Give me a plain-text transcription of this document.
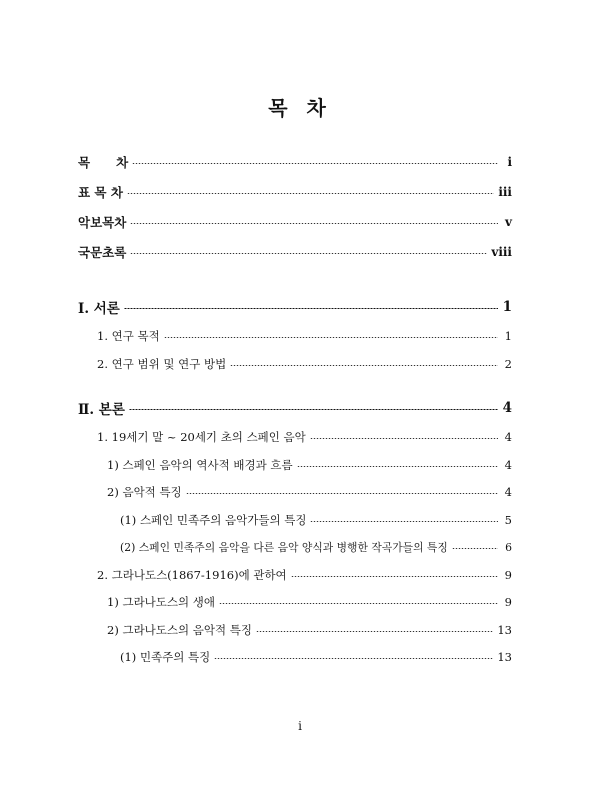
목 차
목      차	i
표 목 차	iii
악보목차	v
국문초록	viii
Ⅰ. 서론	1
1. 연구 목적	1
2. 연구 범위 및 연구 방법	2
Ⅱ. 본론	4
1. 19세기 말 ~ 20세기 초의 스페인 음악	4
1) 스페인 음악의 역사적 배경과 흐름	4
2) 음악적 특징	4
(1) 스페인 민족주의 음악가들의 특징	5
(2) 스페인 민족주의 음악을 다른 음악 양식과 병행한 작곡가들의 특징	6
2. 그라나도스(1867-1916)에 관하여	9
1) 그라나도스의 생애	9
2) 그라나도스의 음악적 특징	13
(1) 민족주의 특징	13
i
